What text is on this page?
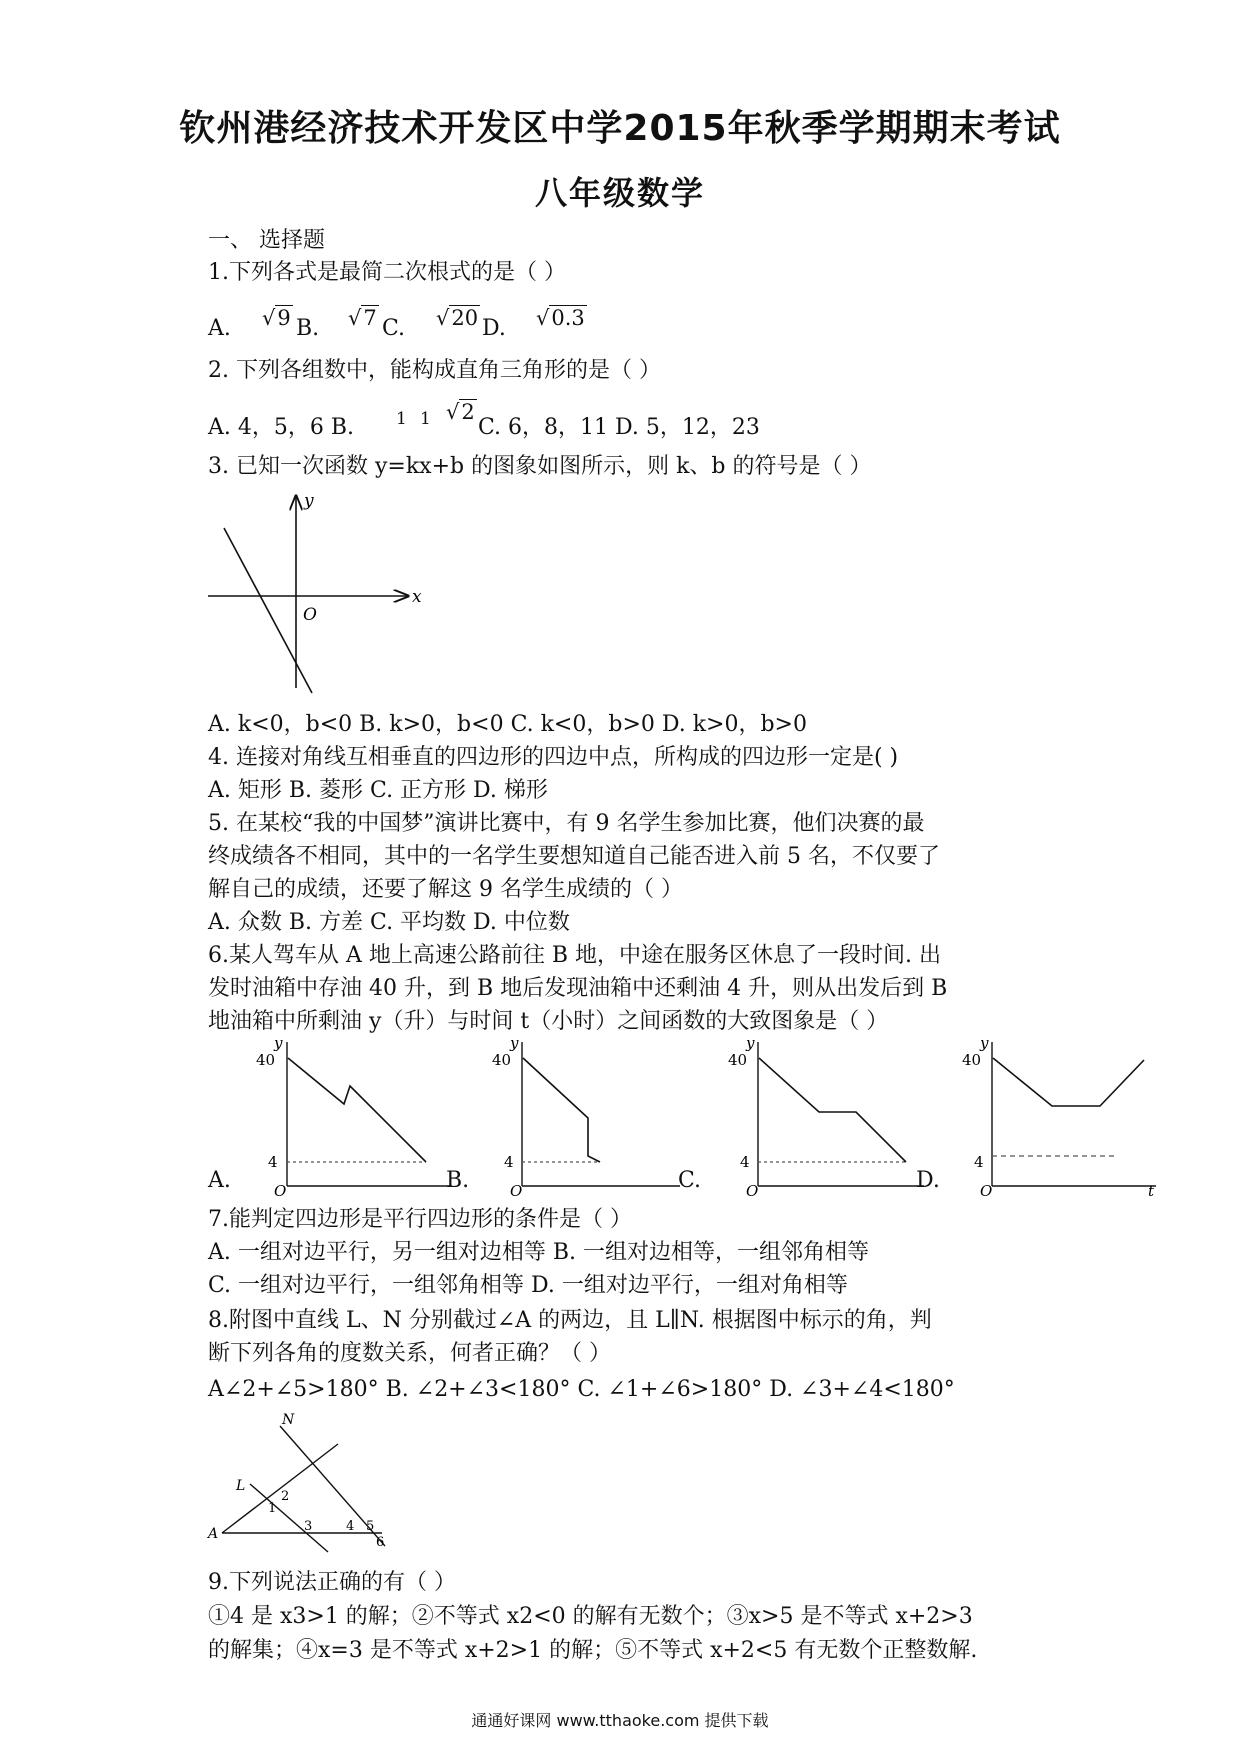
钦州港经济技术开发区中学2015年秋季学期期末考试
八年级数学
一、 选择题
1.下列各式是最简二次根式的是（ ）
A. √9 B. √7 C. √20 D. √0.3
2. 下列各组数中，能构成直角三角形的是（ ）
A. 4，5，6 B. 1 1 √2
C. 6，8，11 D. 5，12，23
3. 已知一次函数 y=kx+b 的图象如图所示，则 k、b 的符号是（ ）
x
y
O
A. k<0，b<0 B. k>0，b<0 C. k<0，b>0 D. k>0，b>0
4. 连接对角线互相垂直的四边形的四边中点，所构成的四边形一定是( )
A. 矩形 B. 菱形 C. 正方形 D. 梯形
5. 在某校“我的中国梦”演讲比赛中，有 9 名学生参加比赛，他们决赛的最
终成绩各不相同，其中的一名学生要想知道自己能否进入前 5 名，不仅要了
解自己的成绩，还要了解这 9 名学生成绩的（ ）
A. 众数 B. 方差 C. 平均数 D. 中位数
6.某人驾车从 A 地上高速公路前往 B 地，中途在服务区休息了一段时间. 出
发时油箱中存油 40 升，到 B 地后发现油箱中还剩油 4 升，则从出发后到 B
地油箱中所剩油 y（升）与时间 t（小时）之间函数的大致图象是（ ）
A.
40
4
y
O	B.
40
4
y
O	C.
40
4
y
O	D.
40
4
y
O	t
7.能判定四边形是平行四边形的条件是（ ）
A. 一组对边平行，另一组对边相等 B. 一组对边相等，一组邻角相等
C. 一组对边平行，一组邻角相等 D. 一组对边平行，一组对角相等
8.附图中直线 L、N 分别截过∠A 的两边，且 L∥N. 根据图中标示的角，判
断下列各角的度数关系，何者正确？（ ）
A∠2+∠5>180° B. ∠2+∠3<180° C. ∠1+∠6>180° D. ∠3+∠4<180°
N
L
A
1
2
3	4 5
6
9.下列说法正确的有（ ）
①4 是 x3>1 的解；②不等式 x2<0 的解有无数个；③x>5 是不等式 x+2>3
的解集；④x=3 是不等式 x+2>1 的解；⑤不等式 x+2<5 有无数个正整数解.
通通好课网 www.tthaoke.com 提供下载
